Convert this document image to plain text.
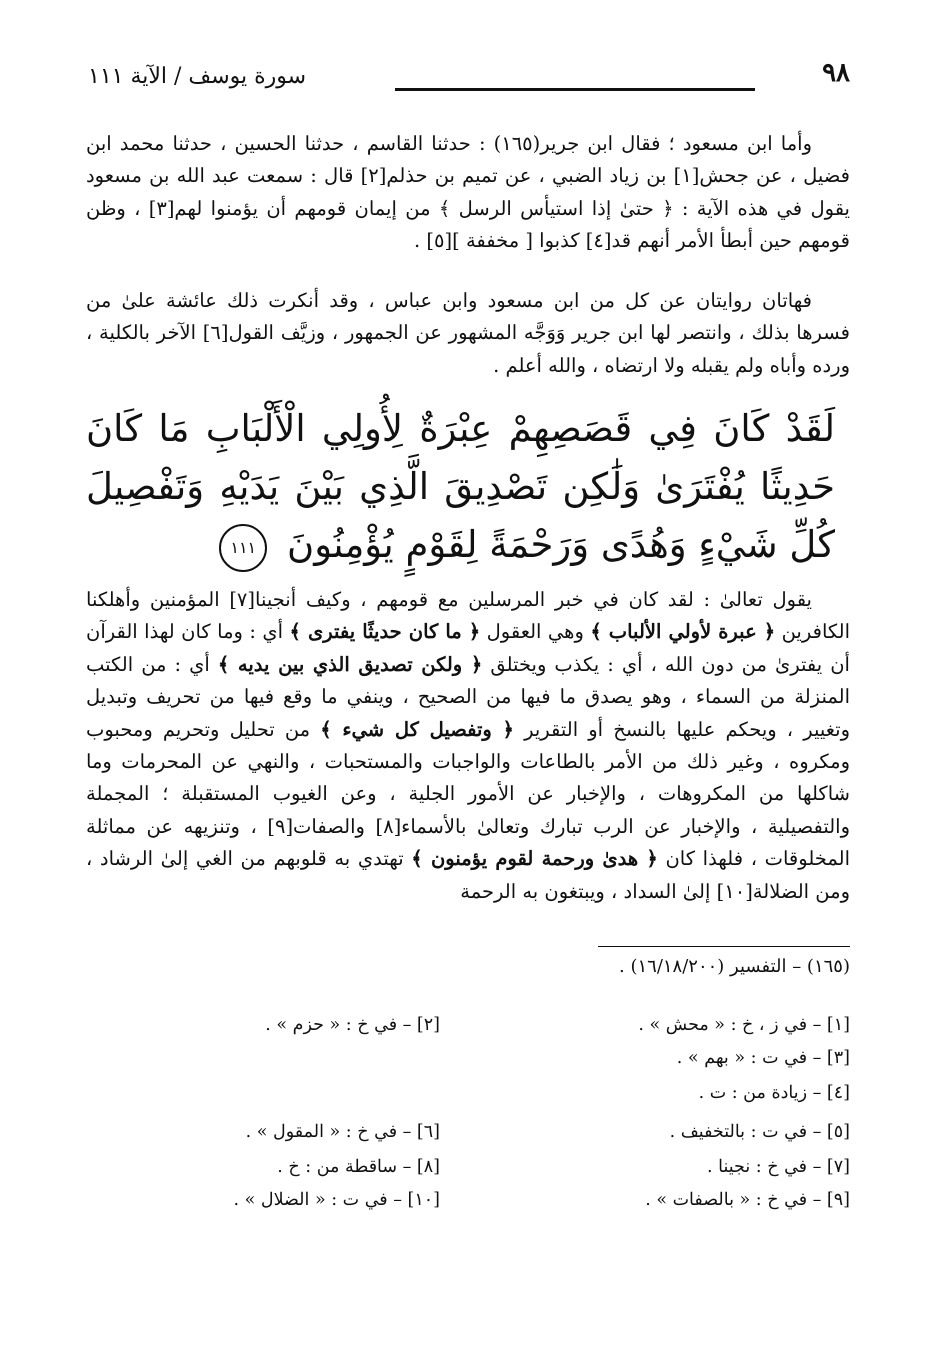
٩٨
سورة يوسف / الآية ١١١

وأما ابن مسعود ؛ فقال ابن جرير(١٦٥) : حدثنا القاسم ، حدثنا الحسين ، حدثنا محمد ابن فضيل ، عن جحش[١] بن زياد الضبي ، عن تميم بن حذلم[٢] قال : سمعت عبد الله بن مسعود يقول في هذه الآية : ﴿ حتىٰ إذا استيأس الرسل ﴾ من إيمان قومهم أن يؤمنوا لهم[٣] ، وظن قومهم حين أبطأ الأمر أنهم قد[٤] كذبوا [ مخففة ][٥] .

فهاتان روايتان عن كل من ابن مسعود وابن عباس ، وقد أنكرت ذلك عائشة علىٰ من فسرها بذلك ، وانتصر لها ابن جرير وَوَجَّه المشهور عن الجمهور ، وزيَّف القول[٦] الآخر بالكلية ، ورده وأباه ولم يقبله ولا ارتضاه ، والله أعلم .

لَقَدْ كَانَ فِي قَصَصِهِمْ عِبْرَةٌ لِأُولِي الْأَلْبَابِ مَا كَانَ حَدِيثًا يُفْتَرَىٰ وَلَٰكِن تَصْدِيقَ الَّذِي بَيْنَ يَدَيْهِ وَتَفْصِيلَ كُلِّ شَيْءٍ وَهُدًى وَرَحْمَةً لِقَوْمٍ يُؤْمِنُونَ ١١١

يقول تعالىٰ : لقد كان في خبر المرسلين مع قومهم ، وكيف أنجينا[٧] المؤمنين وأهلكنا الكافرين ﴿ عبرة لأولي الألباب ﴾ وهي العقول ﴿ ما كان حديثًا يفترى ﴾ أي : وما كان لهذا القرآن أن يفترىٰ من دون الله ، أي : يكذب ويختلق ﴿ ولكن تصديق الذي بين يديه ﴾ أي : من الكتب المنزلة من السماء ، وهو يصدق ما فيها من الصحيح ، وينفي ما وقع فيها من تحريف وتبديل وتغيير ، ويحكم عليها بالنسخ أو التقرير ﴿ وتفصيل كل شيء ﴾ من تحليل وتحريم ومحبوب ومكروه ، وغير ذلك من الأمر بالطاعات والواجبات والمستحبات ، والنهي عن المحرمات وما شاكلها من المكروهات ، والإخبار عن الأمور الجلية ، وعن الغيوب المستقبلة ؛ المجملة والتفصيلية ، والإخبار عن الرب تبارك وتعالىٰ بالأسماء[٨] والصفات[٩] ، وتنزيهه عن مماثلة المخلوقات ، فلهذا كان ﴿ هدىٰ ورحمة لقوم يؤمنون ﴾ تهتدي به قلوبهم من الغي إلىٰ الرشاد ، ومن الضلالة[١٠] إلىٰ السداد ، ويبتغون به الرحمة

(١٦٥) – التفسير (١٦/١٨/٢٠٠) .
[١] – في ز ، خ : « محش » .
[٢] – في خ : « حزم » .
[٣] – في ت : « بهم » .
[٤] – زيادة من : ت .
[٥] – في ت : بالتخفيف .
[٦] – في خ : « المقول » .
[٧] – في خ : نجينا .
[٨] – ساقطة من : خ .
[٩] – في خ : « بالصفات » .
[١٠] – في ت : « الضلال » .
